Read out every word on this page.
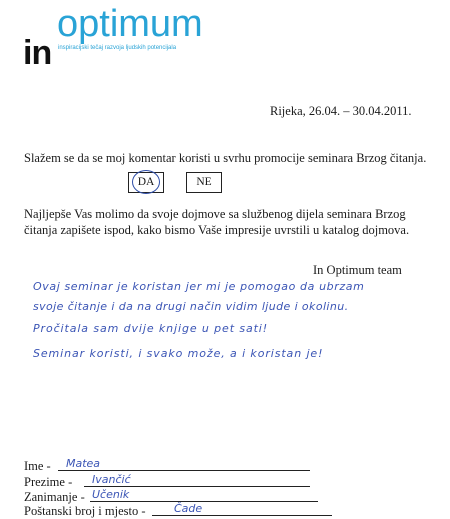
optimum
inspiracijski tečaj razvoja ljudskih potencijala
in
Rijeka, 26.04. – 30.04.2011.
Slažem se da se moj komentar koristi u svrhu promocije seminara Brzog čitanja.
DA	NE
Najljepše Vas molimo da svoje dojmove sa službenog dijela seminara Brzog čitanja zapišete ispod, kako bismo Vaše impresije uvrstili u katalog dojmova.
In Optimum team
Ovaj seminar je koristan jer mi je pomogao da ubrzam
svoje čitanje i da na drugi način vidim ljude i okolinu.
Pročitala sam dvije knjige u pet sati!
Seminar koristi, i svako može, a i koristan je!
Ime - Matea
Prezime - Ivančić
Zanimanje - Učenik
Poštanski broj i mjesto -	Čade
